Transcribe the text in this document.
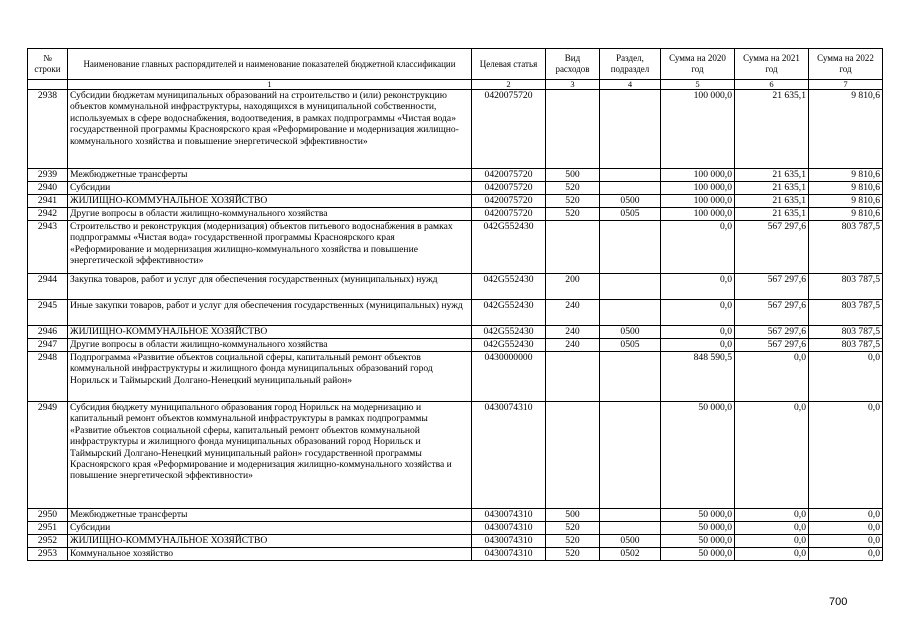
№ строки	Наименование главных распорядителей и наименование показателей бюджетной классификации	Целевая статья	Вид расходов	Раздел, подраздел	Сумма на 2020 год	Сумма на 2021 год	Сумма на 2022 год
	1	2	3	4	5	6	7
2938	Субсидии бюджетам муниципальных образований на строительство и (или) реконструкцию объектов коммунальной инфраструктуры, находящихся в муниципальной собственности, используемых в сфере водоснабжения, водоотведения, в рамках подпрограммы «Чистая вода» государственной программы Красноярского края «Реформирование и модернизация жилищно-коммунального хозяйства и повышение энергетической эффективности»	0420075720			100 000,0	21 635,1	9 810,6
2939	Межбюджетные трансферты	0420075720	500		100 000,0	21 635,1	9 810,6
2940	Субсидии	0420075720	520		100 000,0	21 635,1	9 810,6
2941	ЖИЛИЩНО-КОММУНАЛЬНОЕ ХОЗЯЙСТВО	0420075720	520	0500	100 000,0	21 635,1	9 810,6
2942	Другие вопросы в области жилищно-коммунального хозяйства	0420075720	520	0505	100 000,0	21 635,1	9 810,6
2943	Строительство и реконструкция (модернизация) объектов питьевого водоснабжения в рамках подпрограммы «Чистая вода» государственной программы Красноярского края «Реформирование и модернизация жилищно-коммунального хозяйства и повышение энергетической эффективности»	042G552430			0,0	567 297,6	803 787,5
2944	Закупка товаров, работ и услуг для обеспечения государственных (муниципальных) нужд	042G552430	200		0,0	567 297,6	803 787,5
2945	Иные закупки товаров, работ и услуг для обеспечения государственных (муниципальных) нужд	042G552430	240		0,0	567 297,6	803 787,5
2946	ЖИЛИЩНО-КОММУНАЛЬНОЕ ХОЗЯЙСТВО	042G552430	240	0500	0,0	567 297,6	803 787,5
2947	Другие вопросы в области жилищно-коммунального хозяйства	042G552430	240	0505	0,0	567 297,6	803 787,5
2948	Подпрограмма «Развитие объектов социальной сферы, капитальный ремонт объектов коммунальной инфраструктуры и жилищного фонда муниципальных образований город Норильск и Таймырский Долгано-Ненецкий муниципальный район»	0430000000			848 590,5	0,0	0,0
2949	Субсидия бюджету муниципального образования город Норильск на модернизацию и капитальный ремонт объектов коммунальной инфраструктуры в рамках подпрограммы «Развитие объектов социальной сферы, капитальный ремонт объектов коммунальной инфраструктуры и жилищного фонда муниципальных образований город Норильск и Таймырский Долгано-Ненецкий муниципальный район» государственной программы Красноярского края «Реформирование и модернизация жилищно-коммунального хозяйства и повышение энергетической эффективности»	0430074310			50 000,0	0,0	0,0
2950	Межбюджетные трансферты	0430074310	500		50 000,0	0,0	0,0
2951	Субсидии	0430074310	520		50 000,0	0,0	0,0
2952	ЖИЛИЩНО-КОММУНАЛЬНОЕ ХОЗЯЙСТВО	0430074310	520	0500	50 000,0	0,0	0,0
2953	Коммунальное хозяйство	0430074310	520	0502	50 000,0	0,0	0,0
700
